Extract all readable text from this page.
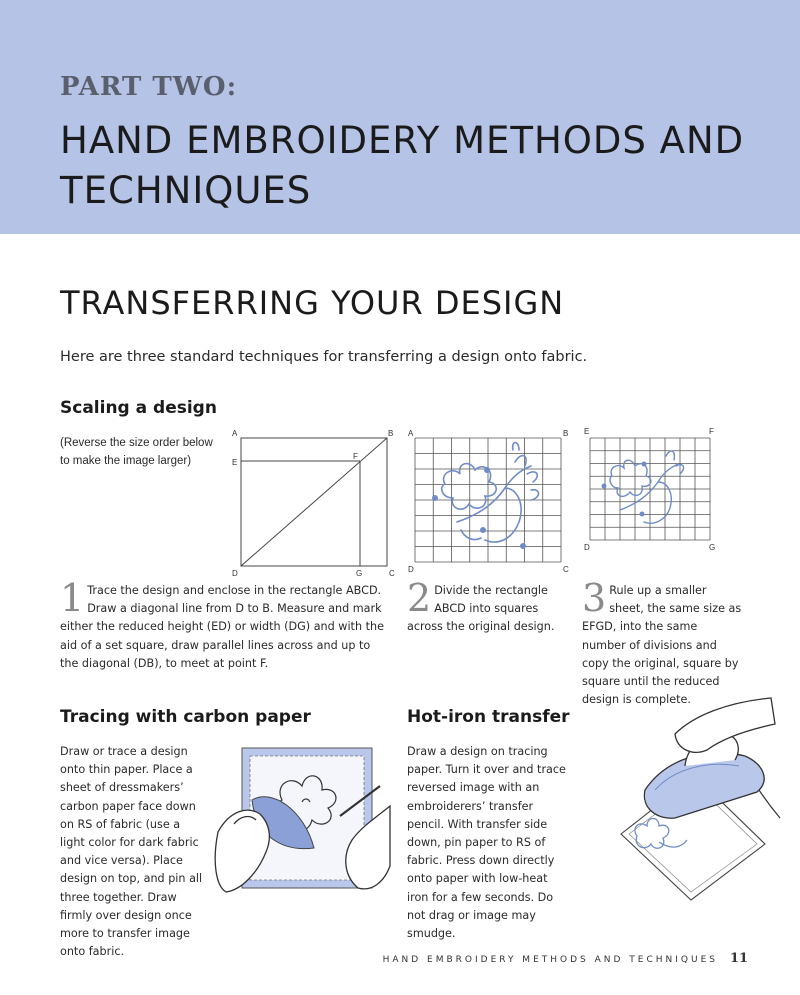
PART TWO:
HAND EMBROIDERY METHODS AND TECHNIQUES
TRANSFERRING YOUR DESIGN
Here are three standard techniques for transferring a design onto fabric.
Scaling a design
(Reverse the size order below to make the image larger)
A	B
E
F
D	G	C
A	B
D	C
E	F
D	G
1 Trace the design and enclose in the rectangle ABCD. Draw a diagonal line from D to B. Measure and mark either the reduced height (ED) or width (DG) and with the aid of a set square, draw parallel lines across and up to the diagonal (DB), to meet at point F.
2 Divide the rectangle ABCD into squares across the original design.
3 Rule up a smaller sheet, the same size as EFGD, into the same number of divisions and copy the original, square by square until the reduced design is complete.
Tracing with carbon paper
Draw or trace a design onto thin paper. Place a sheet of dressmakers’ carbon paper face down on RS of fabric (use a light color for dark fabric and vice versa). Place design on top, and pin all three together. Draw firmly over design once more to transfer image onto fabric.
Hot-iron transfer
Draw a design on tracing paper. Turn it over and trace reversed image with an embroiderers’ transfer pencil. With transfer side down, pin paper to RS of fabric. Press down directly onto paper with low-heat iron for a few seconds. Do not drag or image may smudge.
HAND EMBROIDERY METHODS AND TECHNIQUES 11
